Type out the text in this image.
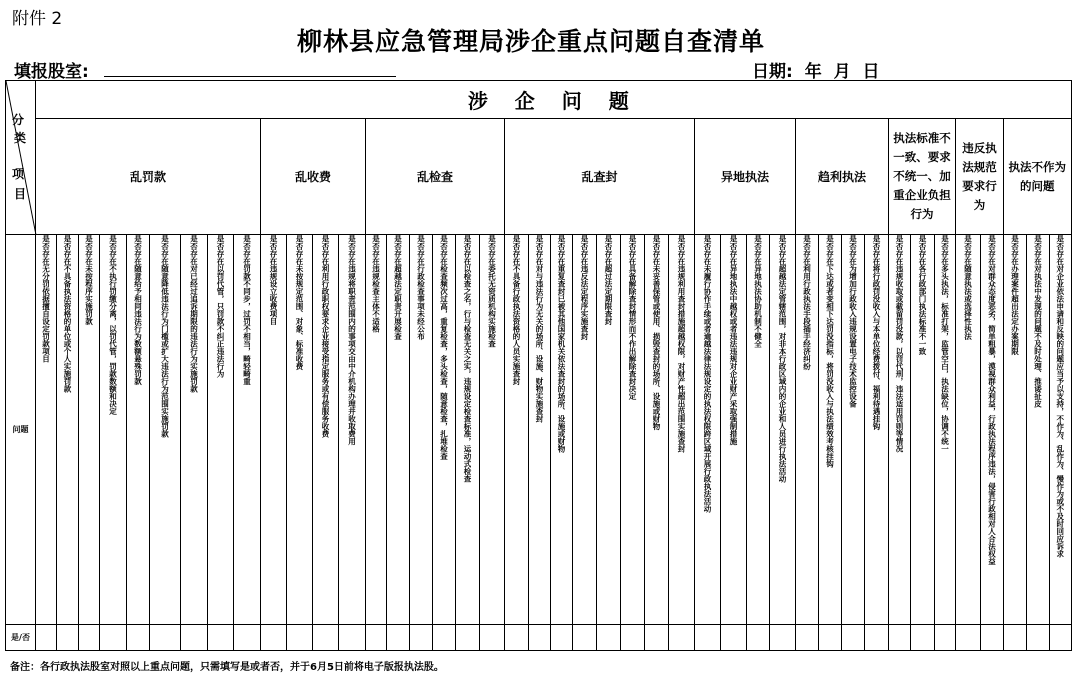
附件 2
柳林县应急管理局涉企重点问题自查清单
填报股室:	日期: 年 月 日
分
类
项
目	涉 企 问 题																																										
	乱罚款									乱收费				乱检查						乱查封								异地执法				趋利执法				执法标准不一致、要求不统一、加重企业负担行为			违反执法规范要求行为		执法不作为的问题		
问题	是否存在无分罚依据擅自设定罚款项目	是否存在不具备执法资格的单位或个人实施罚款	是否存在未按程序实施罚款	是否存在不执行罚缴分离，以罚代管，罚款数额和决定	是否存在随意给予相同违法行为数额悬殊罚款	是否存在随意降低违法行为门槛或扩大违法行为范围实施罚款	是否存在对已经过追诉期限的违法行为实施罚款	是否存在以罚代管，只罚款不纠正违法行为	是否存在罚款不同步，过罚不相当，畸轻畸重	是否存在违规设立收费项目	是否存在未按规定范围、对象、标准收费	是否存在利用行政职权要求企业接受指定服务或有偿服务收费	是否存在违规将职责范围内的事项交由中介机构办理并收取费用	是否存在违规检查主体不适格	是否存在超越法定职责开展检查	是否存在行政检查事项未经公布	是否存在检查频次过高，重复检查，多头检查，随意检查，扎堆检查	是否存在以检查之名，行与检查无关之实，违规设定检查标准，运动式检查	是否存在委托无资质机构实施检查	是否存在不具备行政执法资格的人员实施查封	是否存在对与违法行为无关的场所、设施、财物实施查封	是否存在重复查封已被其他国家机关依法查封的场所、设施或财物	是否存在违反法定程序实施查封	是否存在超过法定期限查封	是否存在具备解除查封情形而不作出解除查封决定	是否存在未妥善保管或使用、损毁查封的场所、设施或财物	是否存在违规利用查封措施超越权限，对财产性超出范围实施查封	是否存在未履行协作手续或者逾越法律法规设定的执法权限跨区域开展行政执法活动	是否存在异地执法中越权或者违法违规对企业财产采取强制措施	是否存在异地执法协助机制不健全	是否存在超越法定管辖范围，对非本行政区域内的企业和人员进行执法活动	是否存在利用行政执法手段插手经济纠纷	是否存在下达或者变相下达罚没指标，将罚没收入与执法绩效考核挂钩	是否存在为增加行政收入违规设置电子技术监控设备	是否存在将行政罚没收入与本单位经费拨付、福利待遇挂钩	是否存在违规收取或截留罚没款，以罚代刑，违法适用罚则等情况	是否存在各行政部门执法标准不一致	是否存在多头执法，标准打架，监管空白，执法缺位，协调不统一	是否存在随意执法或选择性执法	是否存在对群众态度恶劣，简单粗暴，漠视群众利益，行政执法程序违法，侵害行政相对人合法权益	是否存在办理案件超出法定办案期限	是否存在对执法中发现的问题不及时处理、推诿扯皮	是否存在对企业依法申请和反映的问题应当予以支持，不作为、乱作为、慢作为或不及时回应诉求
是/否																																											
备注：各行政执法股室对照以上重点问题，只需填写是或者否，并于6月5日前将电子版报执法股。
